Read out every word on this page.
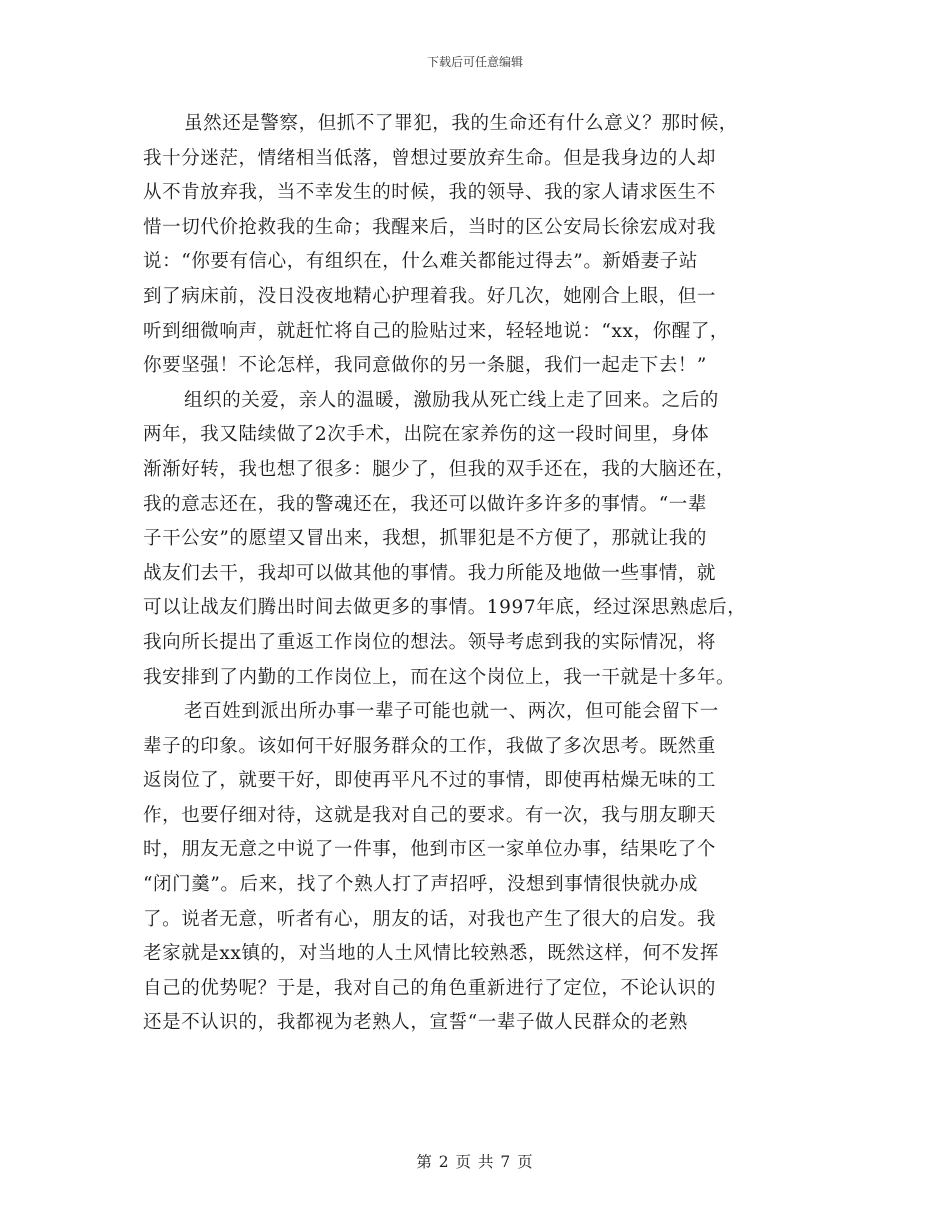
下载后可任意编辑
虽然还是警察，但抓不了罪犯，我的生命还有什么意义？那时候，
我十分迷茫，情绪相当低落，曾想过要放弃生命。但是我身边的人却
从不肯放弃我，当不幸发生的时候，我的领导、我的家人请求医生不
惜一切代价抢救我的生命；我醒来后，当时的区公安局长徐宏成对我
说：“你要有信心，有组织在，什么难关都能过得去”。新婚妻子站
到了病床前，没日没夜地精心护理着我。好几次，她刚合上眼，但一
听到细微响声，就赶忙将自己的脸贴过来，轻轻地说：“xx，你醒了，
你要坚强！不论怎样，我同意做你的另一条腿，我们一起走下去！”
组织的关爱，亲人的温暖，激励我从死亡线上走了回来。之后的
两年，我又陆续做了2次手术，出院在家养伤的这一段时间里，身体
渐渐好转，我也想了很多：腿少了，但我的双手还在，我的大脑还在，
我的意志还在，我的警魂还在，我还可以做许多许多的事情。“一辈
子干公安”的愿望又冒出来，我想，抓罪犯是不方便了，那就让我的
战友们去干，我却可以做其他的事情。我力所能及地做一些事情，就
可以让战友们腾出时间去做更多的事情。1997年底，经过深思熟虑后，
我向所长提出了重返工作岗位的想法。领导考虑到我的实际情况，将
我安排到了内勤的工作岗位上，而在这个岗位上，我一干就是十多年。
老百姓到派出所办事一辈子可能也就一、两次，但可能会留下一
辈子的印象。该如何干好服务群众的工作，我做了多次思考。既然重
返岗位了，就要干好，即使再平凡不过的事情，即使再枯燥无味的工
作，也要仔细对待，这就是我对自己的要求。有一次，我与朋友聊天
时，朋友无意之中说了一件事，他到市区一家单位办事，结果吃了个
“闭门羹”。后来，找了个熟人打了声招呼，没想到事情很快就办成
了。说者无意，听者有心，朋友的话，对我也产生了很大的启发。我
老家就是xx镇的，对当地的人土风情比较熟悉，既然这样，何不发挥
自己的优势呢？于是，我对自己的角色重新进行了定位，不论认识的
还是不认识的，我都视为老熟人，宣誓“一辈子做人民群众的老熟
第 2 页 共 7 页
